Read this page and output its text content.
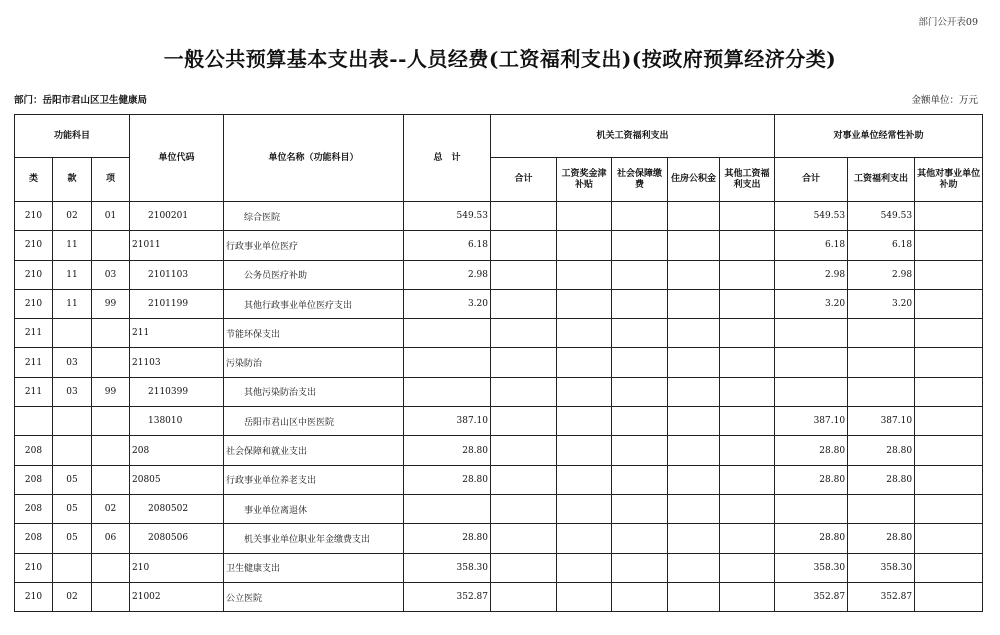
部门公开表09
一般公共预算基本支出表--人员经费(工资福利支出)(按政府预算经济分类)
部门：岳阳市君山区卫生健康局	金额单位：万元
功能科目			单位代码	单位名称（功能科目）	总　计	机关工资福利支出					对事业单位经常性补助		
类	款	项				合计	工资奖金津补贴	社会保障缴费	住房公积金	其他工资福利支出	合计	工资福利支出	其他对事业单位补助
210	02	01	2100201	综合医院	549.53						549.53	549.53	
210	11		21011	行政事业单位医疗	6.18						6.18	6.18	
210	11	03	2101103	公务员医疗补助	2.98						2.98	2.98	
210	11	99	2101199	其他行政事业单位医疗支出	3.20						3.20	3.20	
211			211	节能环保支出									
211	03		21103	污染防治									
211	03	99	2110399	其他污染防治支出									
			138010	岳阳市君山区中医医院	387.10						387.10	387.10	
208			208	社会保障和就业支出	28.80						28.80	28.80	
208	05		20805	行政事业单位养老支出	28.80						28.80	28.80	
208	05	02	2080502	事业单位离退休									
208	05	06	2080506	机关事业单位职业年金缴费支出	28.80						28.80	28.80	
210			210	卫生健康支出	358.30						358.30	358.30	
210	02		21002	公立医院	352.87						352.87	352.87	
